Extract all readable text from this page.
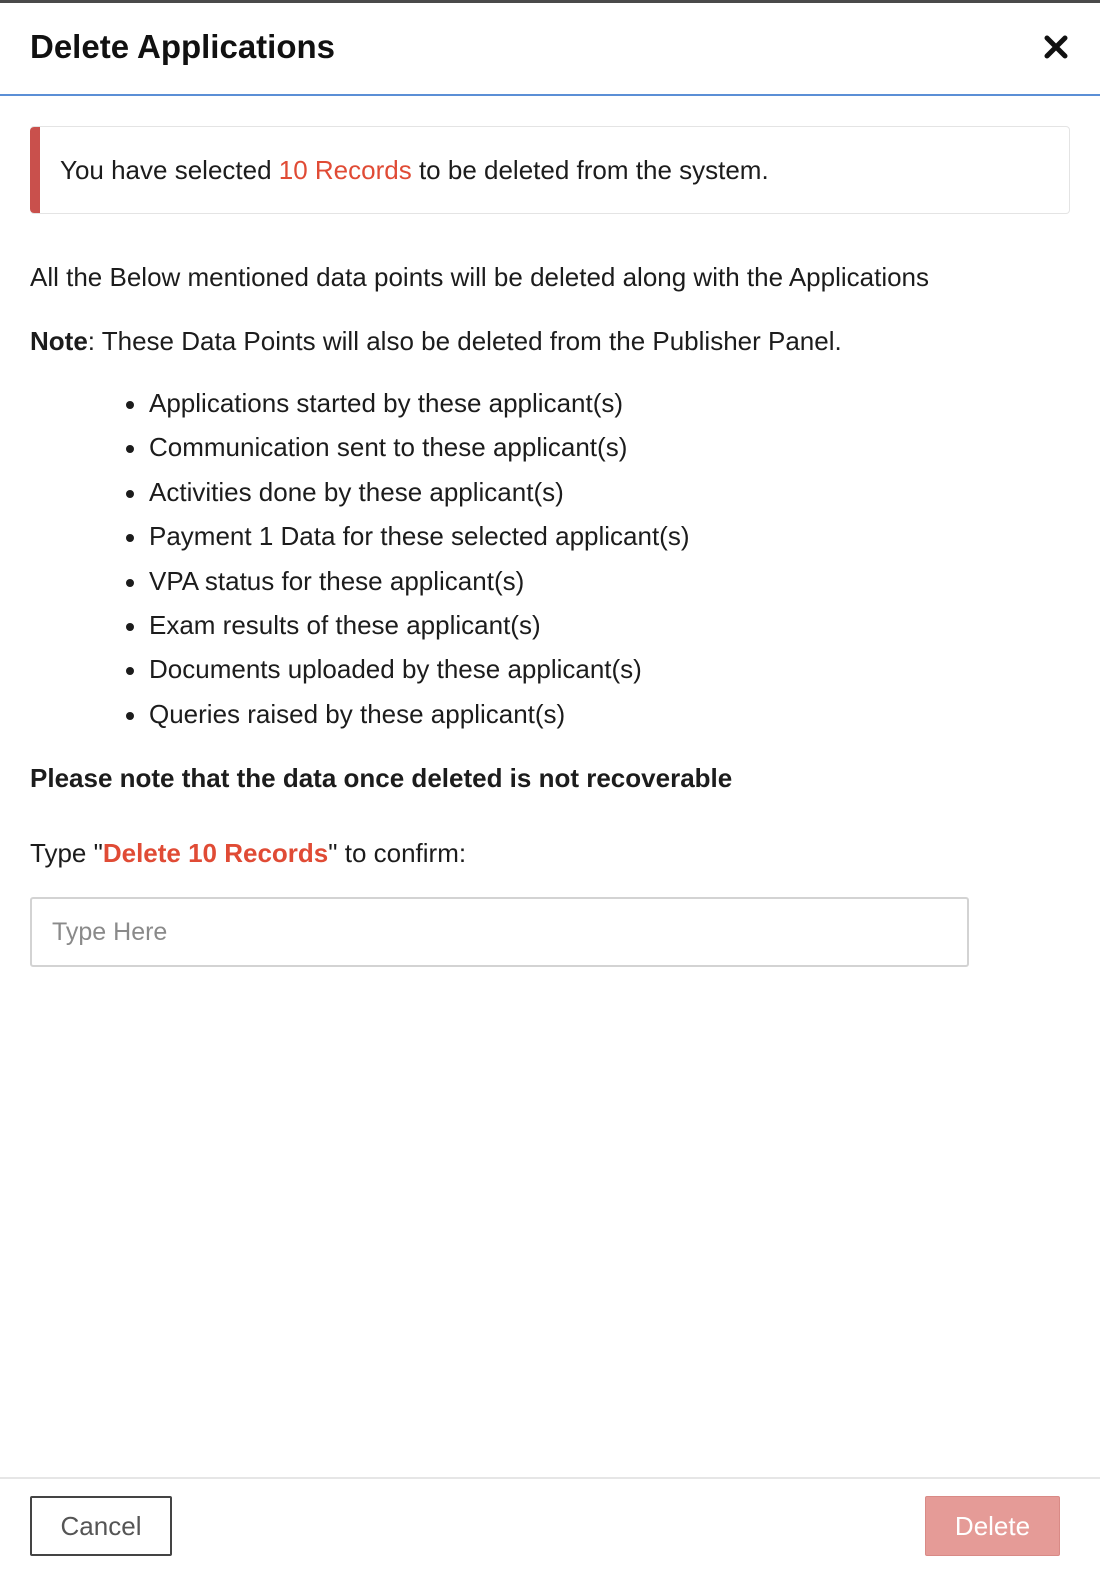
Delete Applications
You have selected 10 Records to be deleted from the system.

All the Below mentioned data points will be deleted along with the Applications

Note: These Data Points will also be deleted from the Publisher Panel.

Applications started by these applicant(s)
Communication sent to these applicant(s)
Activities done by these applicant(s)
Payment 1 Data for these selected applicant(s)
VPA status for these applicant(s)
Exam results of these applicant(s)
Documents uploaded by these applicant(s)
Queries raised by these applicant(s)

Please note that the data once deleted is not recoverable

Type "Delete 10 Records" to confirm:

Type Here
Cancel	Delete
